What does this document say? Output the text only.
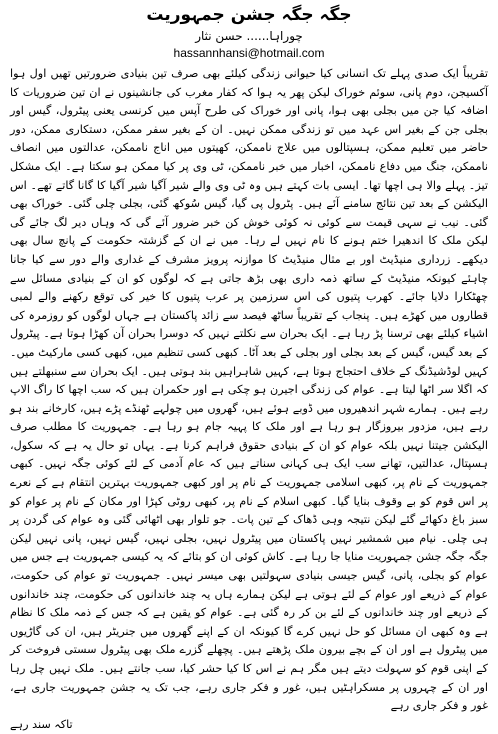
جگہ جگہ جشن جمہوریت

چوراہا...... حسن نثار

hassannhansi@hotmail.com

تقریباً ایک صدی پہلے تک انسانی کیا حیوانی زندگی کیلئے بھی صرف تین بنیادی ضرورتیں تھیں اول ہوا آکسیجن، دوم پانی، سوئم خوراک لیکن پھر یہ ہوا کہ کفار مغرب کی جانشینوں نے ان تین ضروریات کا اضافہ کیا جن میں بجلی بھی ہوا، پانی اور خوراک کی طرح آپس میں کرنسی یعنی پیٹرول، گیس اور بجلی جن کے بغیر اس عہد میں تو زندگی ممکن نہیں۔ ان کے بغیر سفر ممکن، دستکاری ممکن، دور حاضر میں تعلیم ممکن، ہسپتالوں میں علاج ناممکن، کھیتوں میں اناج ناممکن، عدالتوں میں انصاف ناممکن، جنگ میں دفاع ناممکن، اخبار میں خبر ناممکن، ٹی وی پر کیا ممکن ہو سکتا ہے۔ ایک مشکل تیز۔ پہلے والا ہی اچھا تھا۔ ایسی بات کہتے ہیں وہ ٹی وی والے شیر آگیا شیر آگیا کا گانا گاتے تھے۔ اس الیکشن کے بعد تین نتائج سامنے آئے ہیں۔ پٹرول پی گیا، گیس سُوکھ گئی، بجلی چلی گئی۔ خوراک بھی گئی۔ نیب نے سہی قیمت سے کوئی نہ کوئی خوش کن خبر ضرور آئے گی کہ وہاں دیر لگ جائے گی لیکن ملک کا اندھیرا ختم ہونے کا نام نہیں لے رہا۔ میں نے ان کے گزشتہ حکومت کے پانچ سال بھی دیکھے۔ زرداری منیڈیٹ اور بے مثال منیڈیٹ کا موازنہ پرویز مشرف کے غداری والے دور سے کیا جانا چاہئے کیونکہ منیڈیٹ کے ساتھ ذمہ داری بھی بڑھ جاتی ہے کہ لوگوں کو ان کے بنیادی مسائل سے چھٹکارا دلایا جائے۔ کھرب پتیوں کی اس سرزمین پر عرب پتیوں کا خیر کی توقع رکھنے والے لمبی قطاروں میں کھڑے ہیں۔ پنجاب کے تقریباً ساٹھ فیصد سے زائد پاکستان ہے جہاں لوگوں کو روزمرہ کی اشیاء کیلئے بھی ترسنا پڑ رہا ہے۔ ایک بحران سے نکلتے نہیں کہ دوسرا بحران آن کھڑا ہوتا ہے۔ پیٹرول کے بعد گیس، گیس کے بعد بجلی اور بجلی کے بعد آٹا۔ کبھی کسی تنظیم میں، کبھی کسی مارکیٹ میں۔ کہیں لوڈشیڈنگ کے خلاف احتجاج ہوتا ہے، کہیں شاہراہیں بند ہوتی ہیں۔ ایک بحران سے سنبھلتے ہیں کہ اگلا سر اٹھا لیتا ہے۔ عوام کی زندگی اجیرن ہو چکی ہے اور حکمران ہیں کہ سب اچھا کا راگ الاپ رہے ہیں۔ ہمارے شہر اندھیروں میں ڈوبے ہوئے ہیں، گھروں میں چولہے ٹھنڈے پڑے ہیں، کارخانے بند ہو رہے ہیں، مزدور بیروزگار ہو رہا ہے اور ملک کا پہیہ جام ہو رہا ہے۔ جمہوریت کا مطلب صرف الیکشن جیتنا نہیں بلکہ عوام کو ان کے بنیادی حقوق فراہم کرنا ہے۔ یہاں تو حال یہ ہے کہ سکول، ہسپتال، عدالتیں، تھانے سب ایک ہی کہانی سناتے ہیں کہ عام آدمی کے لئے کوئی جگہ نہیں۔ کبھی جمہوریت کے نام پر، کبھی اسلامی جمہوریت کے نام پر اور کبھی جمہوریت بہترین انتقام ہے کے نعرے پر اس قوم کو بے وقوف بنایا گیا۔ کبھی اسلام کے نام پر، کبھی روٹی کپڑا اور مکان کے نام پر عوام کو سبز باغ دکھائے گئے لیکن نتیجہ وہی ڈھاک کے تین پات۔ جو تلوار بھی اٹھائی گئی وہ عوام کی گردن پر ہی چلی۔ نیام میں شمشیر نہیں پاکستان میں پیٹرول نہیں، بجلی نہیں، گیس نہیں، پانی نہیں لیکن جگہ جگہ جشن جمہوریت منایا جا رہا ہے۔ کاش کوئی ان کو بتائے کہ یہ کیسی جمہوریت ہے جس میں عوام کو بجلی، پانی، گیس جیسی بنیادی سہولتیں بھی میسر نہیں۔ جمہوریت تو عوام کی حکومت، عوام کے ذریعے اور عوام کے لئے ہوتی ہے لیکن ہمارے ہاں یہ چند خاندانوں کی حکومت، چند خاندانوں کے ذریعے اور چند خاندانوں کے لئے بن کر رہ گئی ہے۔ عوام کو یقین ہے کہ جس کے ذمہ ملک کا نظام ہے وہ کبھی ان مسائل کو حل نہیں کرے گا کیونکہ ان کے اپنے گھروں میں جنریٹر ہیں، ان کی گاڑیوں میں پیٹرول ہے اور ان کے بچے بیرون ملک پڑھتے ہیں۔ پچھلے گزرے ملک بھی پیٹرول سستی فروخت کر کے اپنی قوم کو سہولت دیتے ہیں مگر ہم نے اس کا کیا حشر کیا، سب جانتے ہیں۔ ملک نہیں چل رہا اور ان کے چہروں پر مسکراہٹیں ہیں، غور و فکر جاری رہے، جب تک یہ جشن جمہوریت جاری ہے، غور و فکر جاری رہے

تاکہ سند رہے
